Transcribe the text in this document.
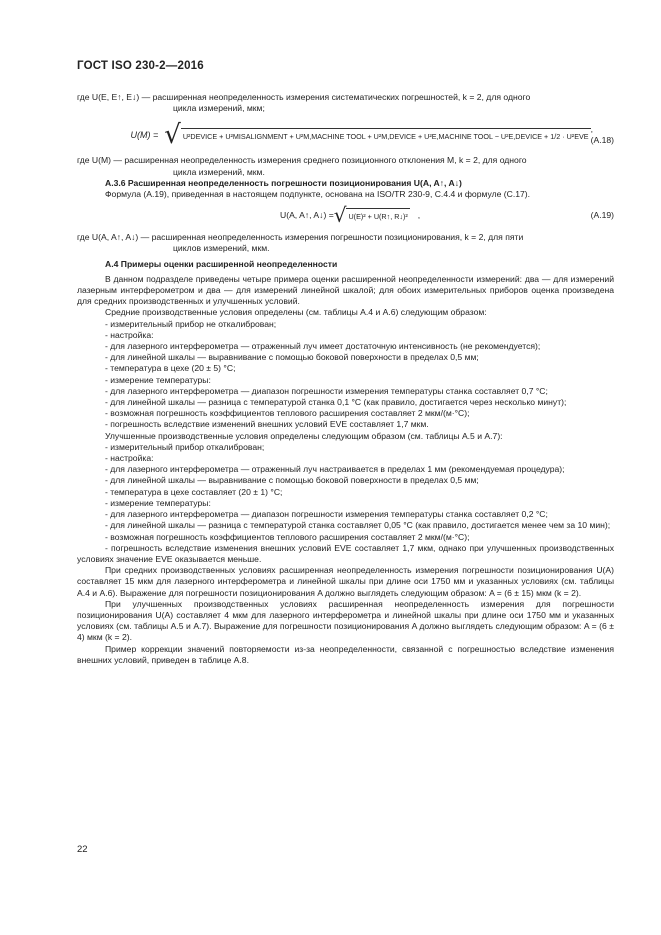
ГОСТ ISO 230-2—2016

где U(E, E↑, E↓) — расширенная неопределенность измерения систематических погрешностей, k = 2, для одного

цикла измерений, мкм;

U(M) = √ U²DEVICE + U²MISALIGNMENT + U²M,MACHINE TOOL + U²M,DEVICE + U²E,MACHINE TOOL − U²E,DEVICE + 1/2 · U²EVE
, (A.18)

где U(M) — расширенная неопределенность измерения среднего позиционного отклонения M, k = 2, для одного

цикла измерений, мкм.

A.3.6 Расширенная неопределенность погрешности позиционирования U(A, A↑, A↓)

Формула (A.19), приведенная в настоящем подпункте, основана на ISO/TR 230-9, C.4.4 и формуле (C.17).

U(A, A↑, A↓) = √ U(E)² + U(R↑, R↓)² ,	(A.19)

где U(A, A↑, A↓) — расширенная неопределенность измерения погрешности позиционирования, k = 2, для пяти

циклов измерений, мкм.

A.4 Примеры оценки расширенной неопределенности

В данном подразделе приведены четыре примера оценки расширенной неопределенности измерений: два — для измерений лазерным интерферометром и два — для измерений линейной шкалой; для обоих измерительных приборов оценка произведена для средних производственных и улучшенных условий.

Средние производственные условия определены (см. таблицы A.4 и A.6) следующим образом:

- измерительный прибор не откалиброван;

- настройка:

- для лазерного интерферометра — отраженный луч имеет достаточную интенсивность (не рекомендуется);

- для линейной шкалы — выравнивание с помощью боковой поверхности в пределах 0,5 мм;

- температура в цехе (20 ± 5) °C;

- измерение температуры:

- для лазерного интерферометра — диапазон погрешности измерения температуры станка составляет 0,7 °C;

- для линейной шкалы — разница с температурой станка 0,1 °C (как правило, достигается через несколько минут);

- возможная погрешность коэффициентов теплового расширения составляет 2 мкм/(м·°C);

- погрешность вследствие изменений внешних условий EVE составляет 1,7 мкм.

Улучшенные производственные условия определены следующим образом (см. таблицы A.5 и A.7):

- измерительный прибор откалиброван;

- настройка:

- для лазерного интерферометра — отраженный луч настраивается в пределах 1 мм (рекомендуемая процедура);

- для линейной шкалы — выравнивание с помощью боковой поверхности в пределах 0,5 мм;

- температура в цехе составляет (20 ± 1) °C;

- измерение температуры:

- для лазерного интерферометра — диапазон погрешности измерения температуры станка составляет 0,2 °C;

- для линейной шкалы — разница с температурой станка составляет 0,05 °C (как правило, достигается менее чем за 10 мин);

- возможная погрешность коэффициентов теплового расширения составляет 2 мкм/(м·°C);

- погрешность вследствие изменения внешних условий EVE составляет 1,7 мкм, однако при улучшенных производственных условиях значение EVE оказывается меньше.

При средних производственных условиях расширенная неопределенность измерения погрешности позиционирования U(A) составляет 15 мкм для лазерного интерферометра и линейной шкалы при длине оси 1750 мм и указанных условиях (см. таблицы A.4 и A.6). Выражение для погрешности позиционирования A должно выглядеть следующим образом: A = (6 ± 15) мкм (k = 2).

При улучшенных производственных условиях расширенная неопределенность измерения для погрешности позиционирования U(A) составляет 4 мкм для лазерного интерферометра и линейной шкалы при длине оси 1750 мм и указанных условиях (см. таблицы A.5 и A.7). Выражение для погрешности позиционирования A должно выглядеть следующим образом: A = (6 ± 4) мкм (k = 2).

Пример коррекции значений повторяемости из-за неопределенности, связанной с погрешностью вследствие изменения внешних условий, приведен в таблице A.8.

22
